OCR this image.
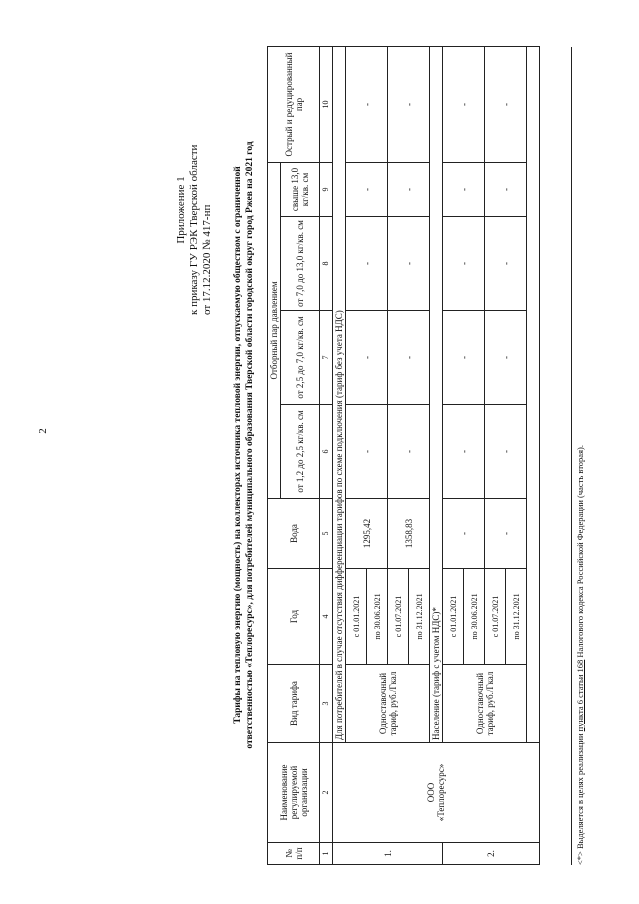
2
Приложение 1 к приказу ГУ РЭК Тверской области от 17.12.2020 № 417-нп Тарифы на тепловую энергию (мощность) на коллекторах источника тепловой энергии, отпускаемую обществом с ограниченной ответственностью «Теплоресурс», для потребителей муниципального образования Тверской области городской округ город Ржев на 2021 год
№ п/п	Наименование регулируемой организации	Вид тарифа	Год	Вода	Отборный пар давлением				Острый и редуцированный пар
					от 1,2 до 2,5 кг/кв. см	от 2,5 до 7,0 кг/кв. см	от 7,0 до 13,0 кг/кв. см	свыше 13,0 кг/кв. см	
1	2	3	4	5	6	7	8	9	10
1.	ООО «Теплоресурс»	Для потребителей в случае отсутствия дифференциации тарифов по схеме подключения (тариф без учета НДС)							
		Одноставочный тариф, руб./Гкал	с 01.01.2021	1295,42	-	-	-	-	-
			по 30.06.2021						
			с 01.07.2021	1358,83	-	-	-	-	-
			по 31.12.2021						
		Население (тариф с учетом НДС)*							
2.		Одноставочный тариф, руб./Гкал	с 01.01.2021	-	-	-	-	-	-
			по 30.06.2021						
			с 01.07.2021	-	-	-	-	-	-
			по 31.12.2021						

<*> Выделяется в целях реализации пункта 6 статьи 168 Налогового кодекса Российской Федерации (часть вторая).
